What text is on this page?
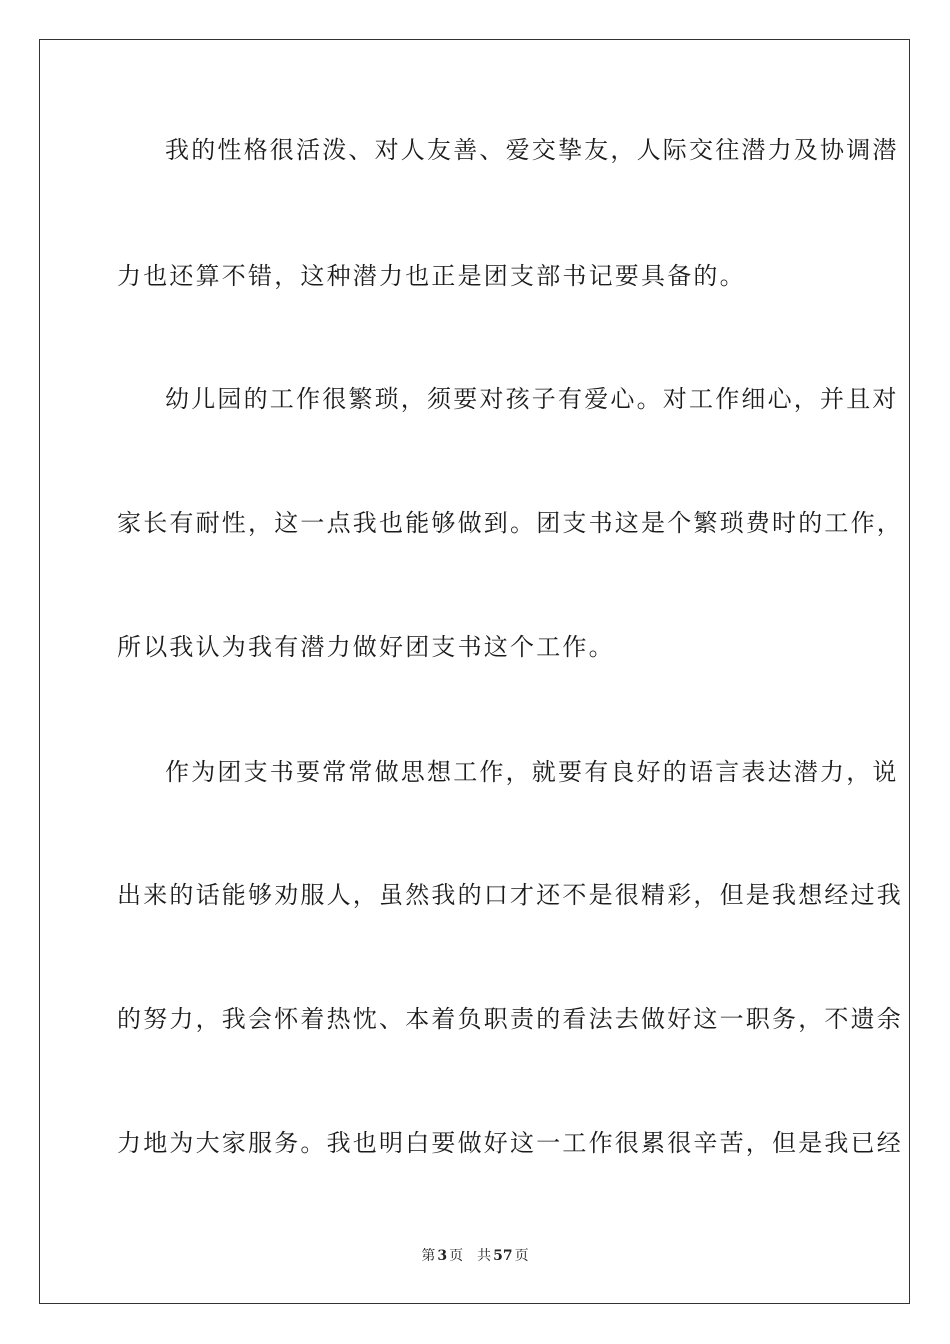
我的性格很活泼、对人友善、爱交挚友，人际交往潜力及协调潜
力也还算不错，这种潜力也正是团支部书记要具备的。
幼儿园的工作很繁琐，须要对孩子有爱心。对工作细心，并且对
家长有耐性，这一点我也能够做到。团支书这是个繁琐费时的工作，
所以我认为我有潜力做好团支书这个工作。
作为团支书要常常做思想工作，就要有良好的语言表达潜力，说
出来的话能够劝服人，虽然我的口才还不是很精彩，但是我想经过我
的努力，我会怀着热忱、本着负职责的看法去做好这一职务，不遗余
力地为大家服务。我也明白要做好这一工作很累很辛苦，但是我已经
第 3 页 共 57 页
